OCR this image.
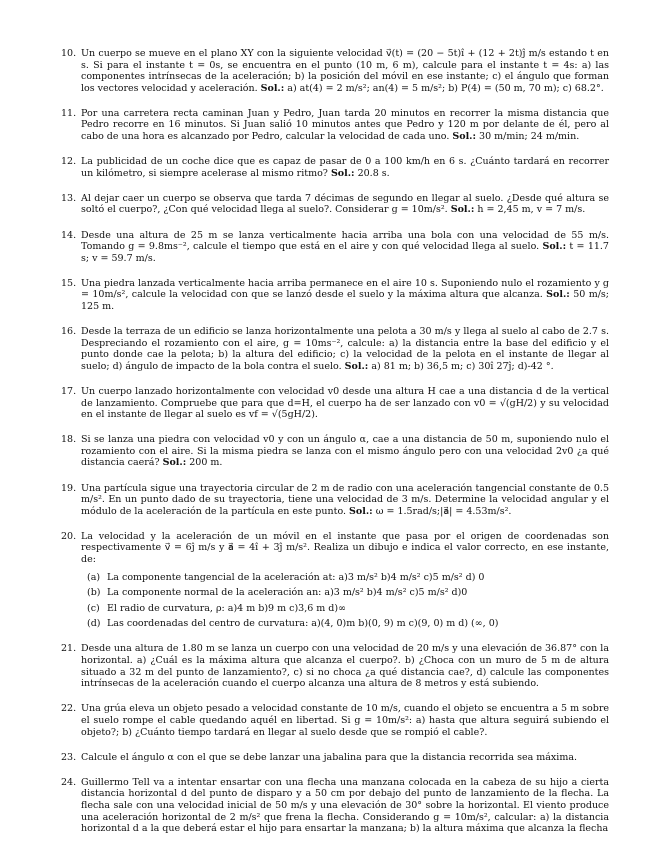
10. Un cuerpo se mueve en el plano XY con la siguiente velocidad v⃗(t) = (20 − 5t)î + (12 + 2t)ĵ m/s estando t en s. Si para el instante t = 0s, se encuentra en el punto (10 m, 6 m), calcule para el instante t = 4s: a) las componentes intrínsecas de la aceleración; b) la posición del móvil en ese instante; c) el ángulo que forman los vectores velocidad y aceleración. Sol.: a) at(4) = 2 m/s²; an(4) = 5 m/s²; b) P(4) = (50 m, 70 m); c) 68.2°.
11. Por una carretera recta caminan Juan y Pedro, Juan tarda 20 minutos en recorrer la misma distancia que Pedro recorre en 16 minutos. Si Juan salió 10 minutos antes que Pedro y 120 m por delante de él, pero al cabo de una hora es alcanzado por Pedro, calcular la velocidad de cada uno. Sol.: 30 m/min; 24 m/min.
12. La publicidad de un coche dice que es capaz de pasar de 0 a 100 km/h en 6 s. ¿Cuánto tardará en recorrer un kilómetro, si siempre acelerase al mismo ritmo? Sol.: 20.8 s.
13. Al dejar caer un cuerpo se observa que tarda 7 décimas de segundo en llegar al suelo. ¿Desde qué altura se soltó el cuerpo?, ¿Con qué velocidad llega al suelo?. Considerar g = 10m/s². Sol.: h = 2,45 m, v = 7 m/s.
14. Desde una altura de 25 m se lanza verticalmente hacia arriba una bola con una velocidad de 55 m/s. Tomando g = 9.8ms⁻², calcule el tiempo que está en el aire y con qué velocidad llega al suelo. Sol.: t = 11.7 s; v = 59.7 m/s.
15. Una piedra lanzada verticalmente hacia arriba permanece en el aire 10 s. Suponiendo nulo el rozamiento y g = 10m/s², calcule la velocidad con que se lanzó desde el suelo y la máxima altura que alcanza. Sol.: 50 m/s; 125 m.
16. Desde la terraza de un edificio se lanza horizontalmente una pelota a 30 m/s y llega al suelo al cabo de 2.7 s. Despreciando el rozamiento con el aire, g = 10ms⁻², calcule: a) la distancia entre la base del edificio y el punto donde cae la pelota; b) la altura del edificio; c) la velocidad de la pelota en el instante de llegar al suelo; d) ángulo de impacto de la bola contra el suelo. Sol.: a) 81 m; b) 36,5 m; c) 30î 27ĵ; d)-42 °.
17. Un cuerpo lanzado horizontalmente con velocidad v0 desde una altura H cae a una distancia d de la vertical de lanzamiento. Compruebe que para que d=H, el cuerpo ha de ser lanzado con v0 = √(gH/2) y su velocidad en el instante de llegar al suelo es vf = √(5gH/2).
18. Si se lanza una piedra con velocidad v0 y con un ángulo α, cae a una distancia de 50 m, suponiendo nulo el rozamiento con el aire. Si la misma piedra se lanza con el mismo ángulo pero con una velocidad 2v0 ¿a qué distancia caerá? Sol.: 200 m.
19. Una partícula sigue una trayectoria circular de 2 m de radio con una aceleración tangencial constante de 0.5 m/s². En un punto dado de su trayectoria, tiene una velocidad de 3 m/s. Determine la velocidad angular y el módulo de la aceleración de la partícula en este punto. Sol.: ω = 1.5rad/s;|a⃗| = 4.53m/s².
20. La velocidad y la aceleración de un móvil en el instante que pasa por el origen de coordenadas son respectivamente v⃗ = 6ĵ m/s y a⃗ = 4î + 3ĵ m/s². Realiza un dibujo e indica el valor correcto, en ese instante, de:
(a) La componente tangencial de la aceleración at: a)3 m/s² b)4 m/s² c)5 m/s² d) 0
(b) La componente normal de la aceleración an: a)3 m/s² b)4 m/s² c)5 m/s² d)0
(c) El radio de curvatura, ρ: a)4 m b)9 m c)3,6 m d)∞
(d) Las coordenadas del centro de curvatura: a)(4, 0)m b)(0, 9) m c)(9, 0) m d) (∞, 0)
21. Desde una altura de 1.80 m se lanza un cuerpo con una velocidad de 20 m/s y una elevación de 36.87° con la horizontal. a) ¿Cuál es la máxima altura que alcanza el cuerpo?. b) ¿Choca con un muro de 5 m de altura situado a 32 m del punto de lanzamiento?, c) si no choca ¿a qué distancia cae?, d) calcule las componentes intrínsecas de la aceleración cuando el cuerpo alcanza una altura de 8 metros y está subiendo.
22. Una grúa eleva un objeto pesado a velocidad constante de 10 m/s, cuando el objeto se encuentra a 5 m sobre el suelo rompe el cable quedando aquél en libertad. Si g = 10m/s²: a) hasta que altura seguirá subiendo el objeto?; b) ¿Cuánto tiempo tardará en llegar al suelo desde que se rompió el cable?.
23. Calcule el ángulo α con el que se debe lanzar una jabalina para que la distancia recorrida sea máxima.
24. Guillermo Tell va a intentar ensartar con una flecha una manzana colocada en la cabeza de su hijo a cierta distancia horizontal d del punto de disparo y a 50 cm por debajo del punto de lanzamiento de la flecha. La flecha sale con una velocidad inicial de 50 m/s y una elevación de 30° sobre la horizontal. El viento produce una aceleración horizontal de 2 m/s² que frena la flecha. Considerando g = 10m/s², calcular: a) la distancia horizontal d a la que deberá estar el hijo para ensartar la manzana; b) la altura máxima que alcanza la flecha
